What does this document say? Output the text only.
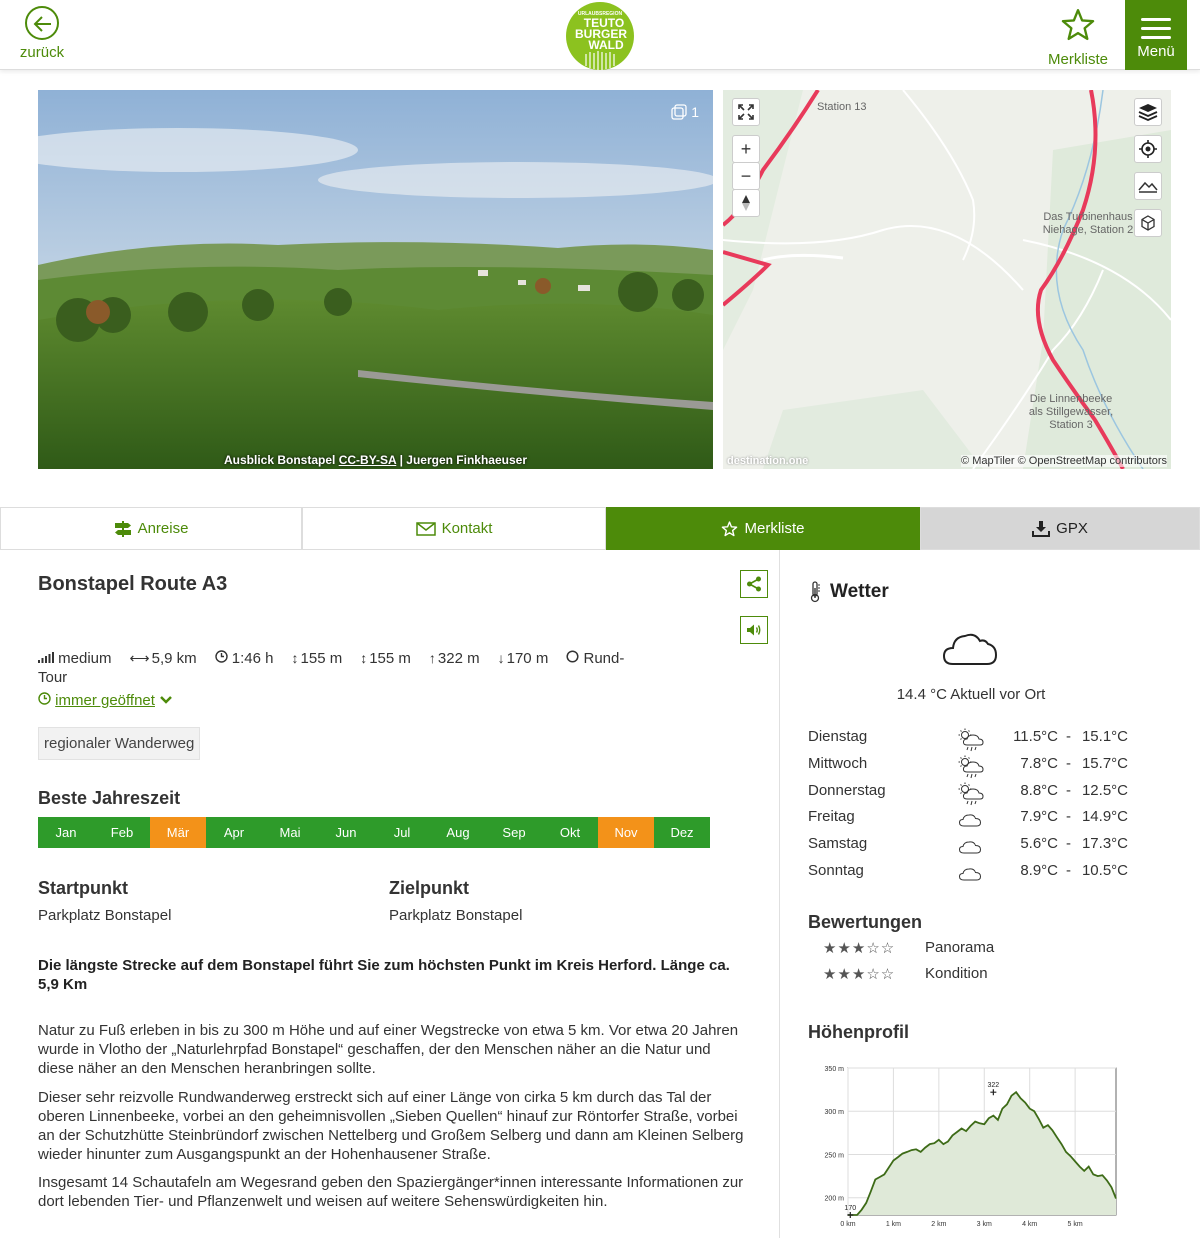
zurück
URLAUBSREGION
TEUTO
BURGER
WALD
Merkliste	Menü
1
Ausblick Bonstapel CC-BY-SA | Juergen Finkhaeuser
Station 13
Das Turbinenhaus Niehage, Station 2
Die Linnenbeeke als Stillgewässer, Station 3
+
−
destination.one	© MapTiler © OpenStreetMap contributors
Anreise	Kontakt	Merkliste	GPX
Bonstapel Route A3
medium ⟷ 5,9 km 1:46 h ↕ 155 m ↕ 155 m ↑ 322 m ↓ 170 m Rund-
Tour
immer geöffnet
regionaler Wanderweg
Beste Jahreszeit
Jan	Feb	Mär	Apr	Mai	Jun	Jul	Aug	Sep	Okt	Nov	Dez
Startpunkt
Parkplatz Bonstapel
Zielpunkt
Parkplatz Bonstapel
Die längste Strecke auf dem Bonstapel führt Sie zum höchsten Punkt im Kreis Herford. Länge ca. 5,9 Km
Natur zu Fuß erleben in bis zu 300 m Höhe und auf einer Wegstrecke von etwa 5 km. Vor etwa 20 Jahren wurde in Vlotho der „Naturlehrpfad Bonstapel“ geschaffen, der den Menschen näher an die Natur und diese näher an den Menschen heranbringen sollte.
Dieser sehr reizvolle Rundwanderweg erstreckt sich auf einer Länge von cirka 5 km durch das Tal der oberen Linnenbeeke, vorbei an den geheimnisvollen „Sieben Quellen“ hinauf zur Röntorfer Straße, vorbei an der Schutzhütte Steinbründorf zwischen Nettelberg und Großem Selberg und dann am Kleinen Selberg wieder hinunter zum Ausgangspunkt an der Hohenhausener Straße.
Insgesamt 14 Schautafeln am Wegesrand geben den Spaziergänger*innen interessante Informationen zur dort lebenden Tier- und Pflanzenwelt und weisen auf weitere Sehenswürdigkeiten hin.
Wetter
14.4 °C Aktuell vor Ort
Dienstag	11.5°C - 15.1°C
Mittwoch	7.8°C - 15.7°C
Donnerstag	8.8°C - 12.5°C
Freitag	7.9°C - 14.9°C
Samstag	5.6°C - 17.3°C
Sonntag	8.9°C - 10.5°C
Bewertungen
★★★☆☆ Panorama
★★★☆☆ Kondition
Höhenprofil
200 m
250 m
300 m
350 m
0 km	1 km	2 km	3 km	4 km	5 km
170
322
